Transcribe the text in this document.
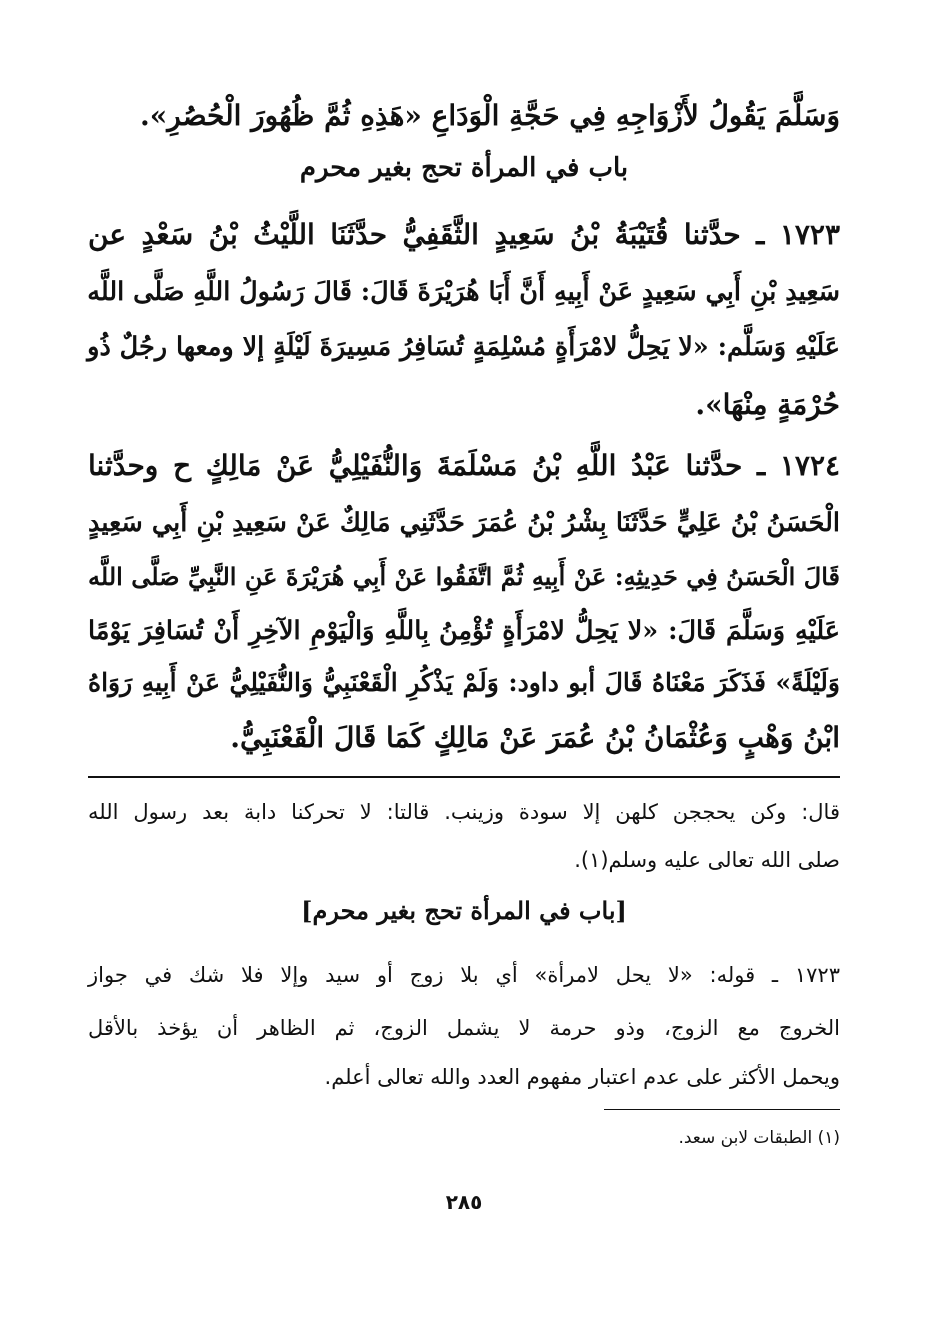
وَسَلَّمَ يَقُولُ لأَزْوَاجِهِ فِي حَجَّةِ الْوَدَاعِ «هَذِهِ ثُمَّ ظُهُورَ الْحُصُرِ».
باب في المرأة تحج بغير محرم
١٧٢٣ ـ حدَّثنا قُتَيْبَةُ بْنُ سَعِيدٍ الثَّقَفِيُّ حدَّثَنَا اللَّيْثُ بْنُ سَعْدٍ عن
سَعِيدِ بْنِ أَبِي سَعِيدٍ عَنْ أَبِيهِ أَنَّ أَبَا هُرَيْرَةَ قَالَ: قَالَ رَسُولُ اللَّهِ صَلَّى اللَّه
عَلَيْهِ وَسَلَّم: «لا يَحِلُّ لامْرَأَةٍ مُسْلِمَةٍ تُسَافِرُ مَسِيرَةَ لَيْلَةٍ إلا ومعها رجُلٌ ذُو
حُرْمَةٍ مِنْهَا».
١٧٢٤ ـ حدَّثنا عَبْدُ اللَّهِ بْنُ مَسْلَمَةَ وَالنُّفَيْلِيُّ عَنْ مَالِكٍ ح وحدَّثنا
الْحَسَنُ بْنُ عَلِيٍّ حَدَّثَنَا بِشْرُ بْنُ عُمَرَ حَدَّثَنِي مَالِكٌ عَنْ سَعِيدِ بْنِ أَبِي سَعِيدٍ
قَالَ الْحَسَنُ فِي حَدِيثِهِ: عَنْ أَبِيهِ ثُمَّ اتَّفَقُوا عَنْ أَبِي هُرَيْرَةَ عَنِ النَّبِيِّ صَلَّى اللَّه
عَلَيْهِ وَسَلَّمَ قَالَ: «لا يَحِلُّ لامْرَأَةٍ تُؤْمِنُ بِاللَّهِ وَالْيَوْمِ الآخِرِ أَنْ تُسَافِرَ يَوْمًا
وَلَيْلَةً» فَذَكَرَ مَعْنَاهُ قَالَ أبو داود: وَلَمْ يَذْكُرِ الْقَعْنَبِيُّ وَالنُّفَيْلِيُّ عَنْ أَبِيهِ رَوَاهُ
ابْنُ وَهْبٍ وَعُثْمَانُ بْنُ عُمَرَ عَنْ مَالِكٍ كَمَا قَالَ الْقَعْنَبِيُّ.
قال: وكن يحججن كلهن إلا سودة وزينب. قالتا: لا تحركنا دابة بعد رسول الله
صلى الله تعالى عليه وسلم(١).
[باب في المرأة تحج بغير محرم]
١٧٢٣ ـ قوله: «لا يحل لامرأة» أي بلا زوج أو سيد وإلا فلا شك في جواز
الخروج مع الزوج، وذو حرمة لا يشمل الزوج، ثم الظاهر أن يؤخذ بالأقل
ويحمل الأكثر على عدم اعتبار مفهوم العدد والله تعالى أعلم.
(١) الطبقات لابن سعد.
٢٨٥
